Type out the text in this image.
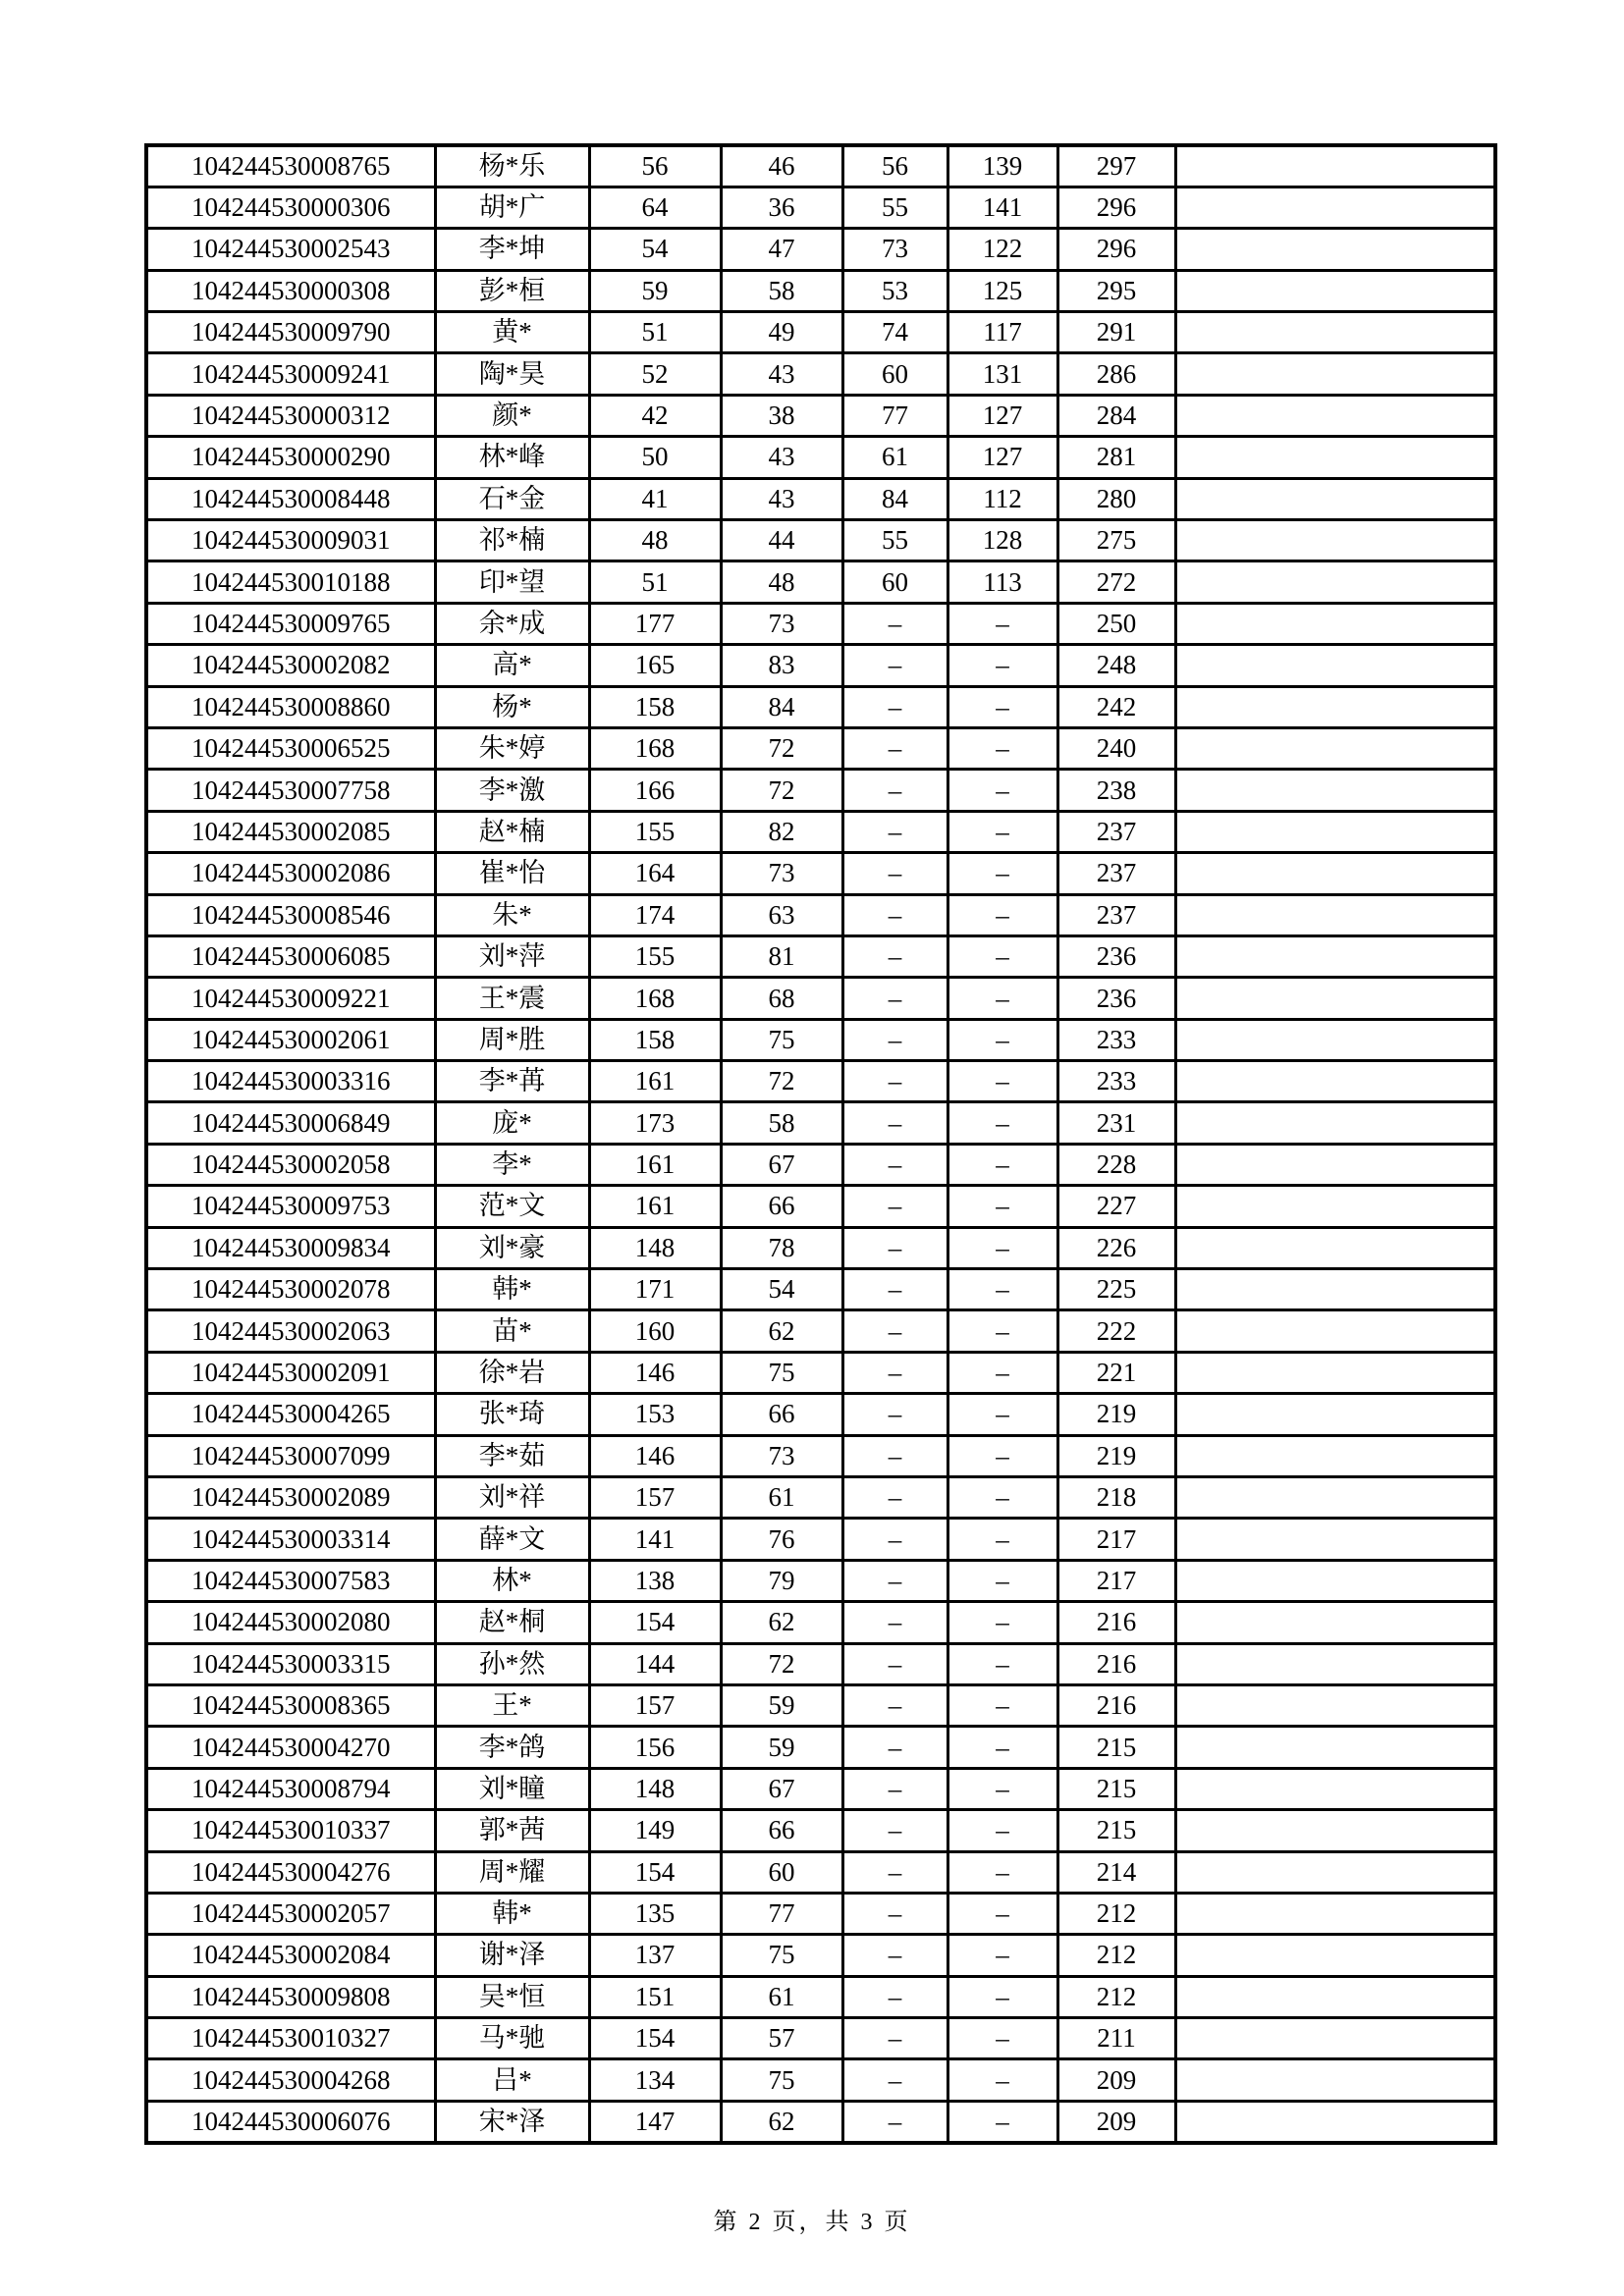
104244530008765	杨*乐	56	46	56	139	297	
104244530000306	胡*广	64	36	55	141	296	
104244530002543	李*坤	54	47	73	122	296	
104244530000308	彭*桓	59	58	53	125	295	
104244530009790	黄*	51	49	74	117	291	
104244530009241	陶*昊	52	43	60	131	286	
104244530000312	颜*	42	38	77	127	284	
104244530000290	林*峰	50	43	61	127	281	
104244530008448	石*金	41	43	84	112	280	
104244530009031	祁*楠	48	44	55	128	275	
104244530010188	印*望	51	48	60	113	272	
104244530009765	余*成	177	73	–	–	250	
104244530002082	高*	165	83	–	–	248	
104244530008860	杨*	158	84	–	–	242	
104244530006525	朱*婷	168	72	–	–	240	
104244530007758	李*激	166	72	–	–	238	
104244530002085	赵*楠	155	82	–	–	237	
104244530002086	崔*怡	164	73	–	–	237	
104244530008546	朱*	174	63	–	–	237	
104244530006085	刘*萍	155	81	–	–	236	
104244530009221	王*震	168	68	–	–	236	
104244530002061	周*胜	158	75	–	–	233	
104244530003316	李*苒	161	72	–	–	233	
104244530006849	庞*	173	58	–	–	231	
104244530002058	李*	161	67	–	–	228	
104244530009753	范*文	161	66	–	–	227	
104244530009834	刘*豪	148	78	–	–	226	
104244530002078	韩*	171	54	–	–	225	
104244530002063	苗*	160	62	–	–	222	
104244530002091	徐*岩	146	75	–	–	221	
104244530004265	张*琦	153	66	–	–	219	
104244530007099	李*茹	146	73	–	–	219	
104244530002089	刘*祥	157	61	–	–	218	
104244530003314	薛*文	141	76	–	–	217	
104244530007583	林*	138	79	–	–	217	
104244530002080	赵*桐	154	62	–	–	216	
104244530003315	孙*然	144	72	–	–	216	
104244530008365	王*	157	59	–	–	216	
104244530004270	李*鸽	156	59	–	–	215	
104244530008794	刘*瞳	148	67	–	–	215	
104244530010337	郭*茜	149	66	–	–	215	
104244530004276	周*耀	154	60	–	–	214	
104244530002057	韩*	135	77	–	–	212	
104244530002084	谢*泽	137	75	–	–	212	
104244530009808	吴*恒	151	61	–	–	212	
104244530010327	马*驰	154	57	–	–	211	
104244530004268	吕*	134	75	–	–	209	
104244530006076	宋*泽	147	62	–	–	209	
第 2 页，共 3 页
